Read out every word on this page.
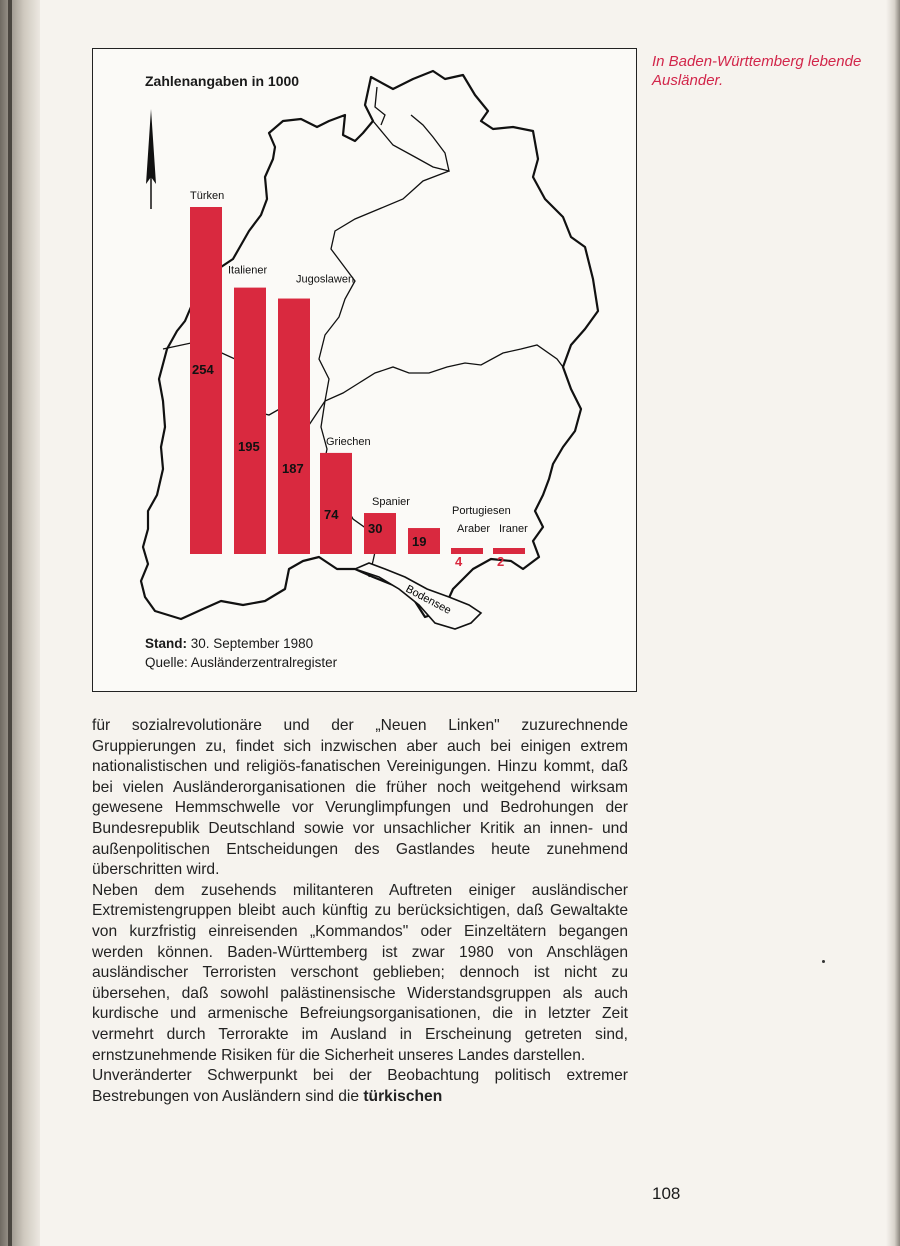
In Baden-Württemberg lebende Ausländer.
Bodensee
Türken
254
Italiener
195
Jugoslawen
187
Griechen
74
Spanier
30
Portugiesen
19
Araber
4
Iraner
2
Zahlenangaben in 1000
Stand: 30. September 1980
Quelle: Ausländerzentralregister

für sozialrevolutionäre und der „Neuen Linken" zuzurechnende Gruppierungen zu, findet sich inzwischen aber auch bei einigen extrem nationalistischen und religiös-fanatischen Vereinigungen. Hinzu kommt, daß bei vielen Ausländerorganisationen die früher noch weitgehend wirksam gewesene Hemmschwelle vor Verunglimpfungen und Bedrohungen der Bundesrepublik Deutschland sowie vor unsachlicher Kritik an innen- und außenpolitischen Entscheidungen des Gastlandes heute zunehmend überschritten wird.

Neben dem zusehends militanteren Auftreten einiger ausländischer Extremistengruppen bleibt auch künftig zu berücksichtigen, daß Gewaltakte von kurzfristig einreisenden „Kommandos" oder Einzeltätern begangen werden können. Baden-Württemberg ist zwar 1980 von Anschlägen ausländischer Terroristen verschont geblieben; dennoch ist nicht zu übersehen, daß sowohl palästinensische Widerstandsgruppen als auch kurdische und armenische Befreiungsorganisationen, die in letzter Zeit vermehrt durch Terrorakte im Ausland in Erscheinung getreten sind, ernstzunehmende Risiken für die Sicherheit unseres Landes darstellen.

Unveränderter Schwerpunkt bei der Beobachtung politisch extremer Bestrebungen von Ausländern sind die türkischen

108
